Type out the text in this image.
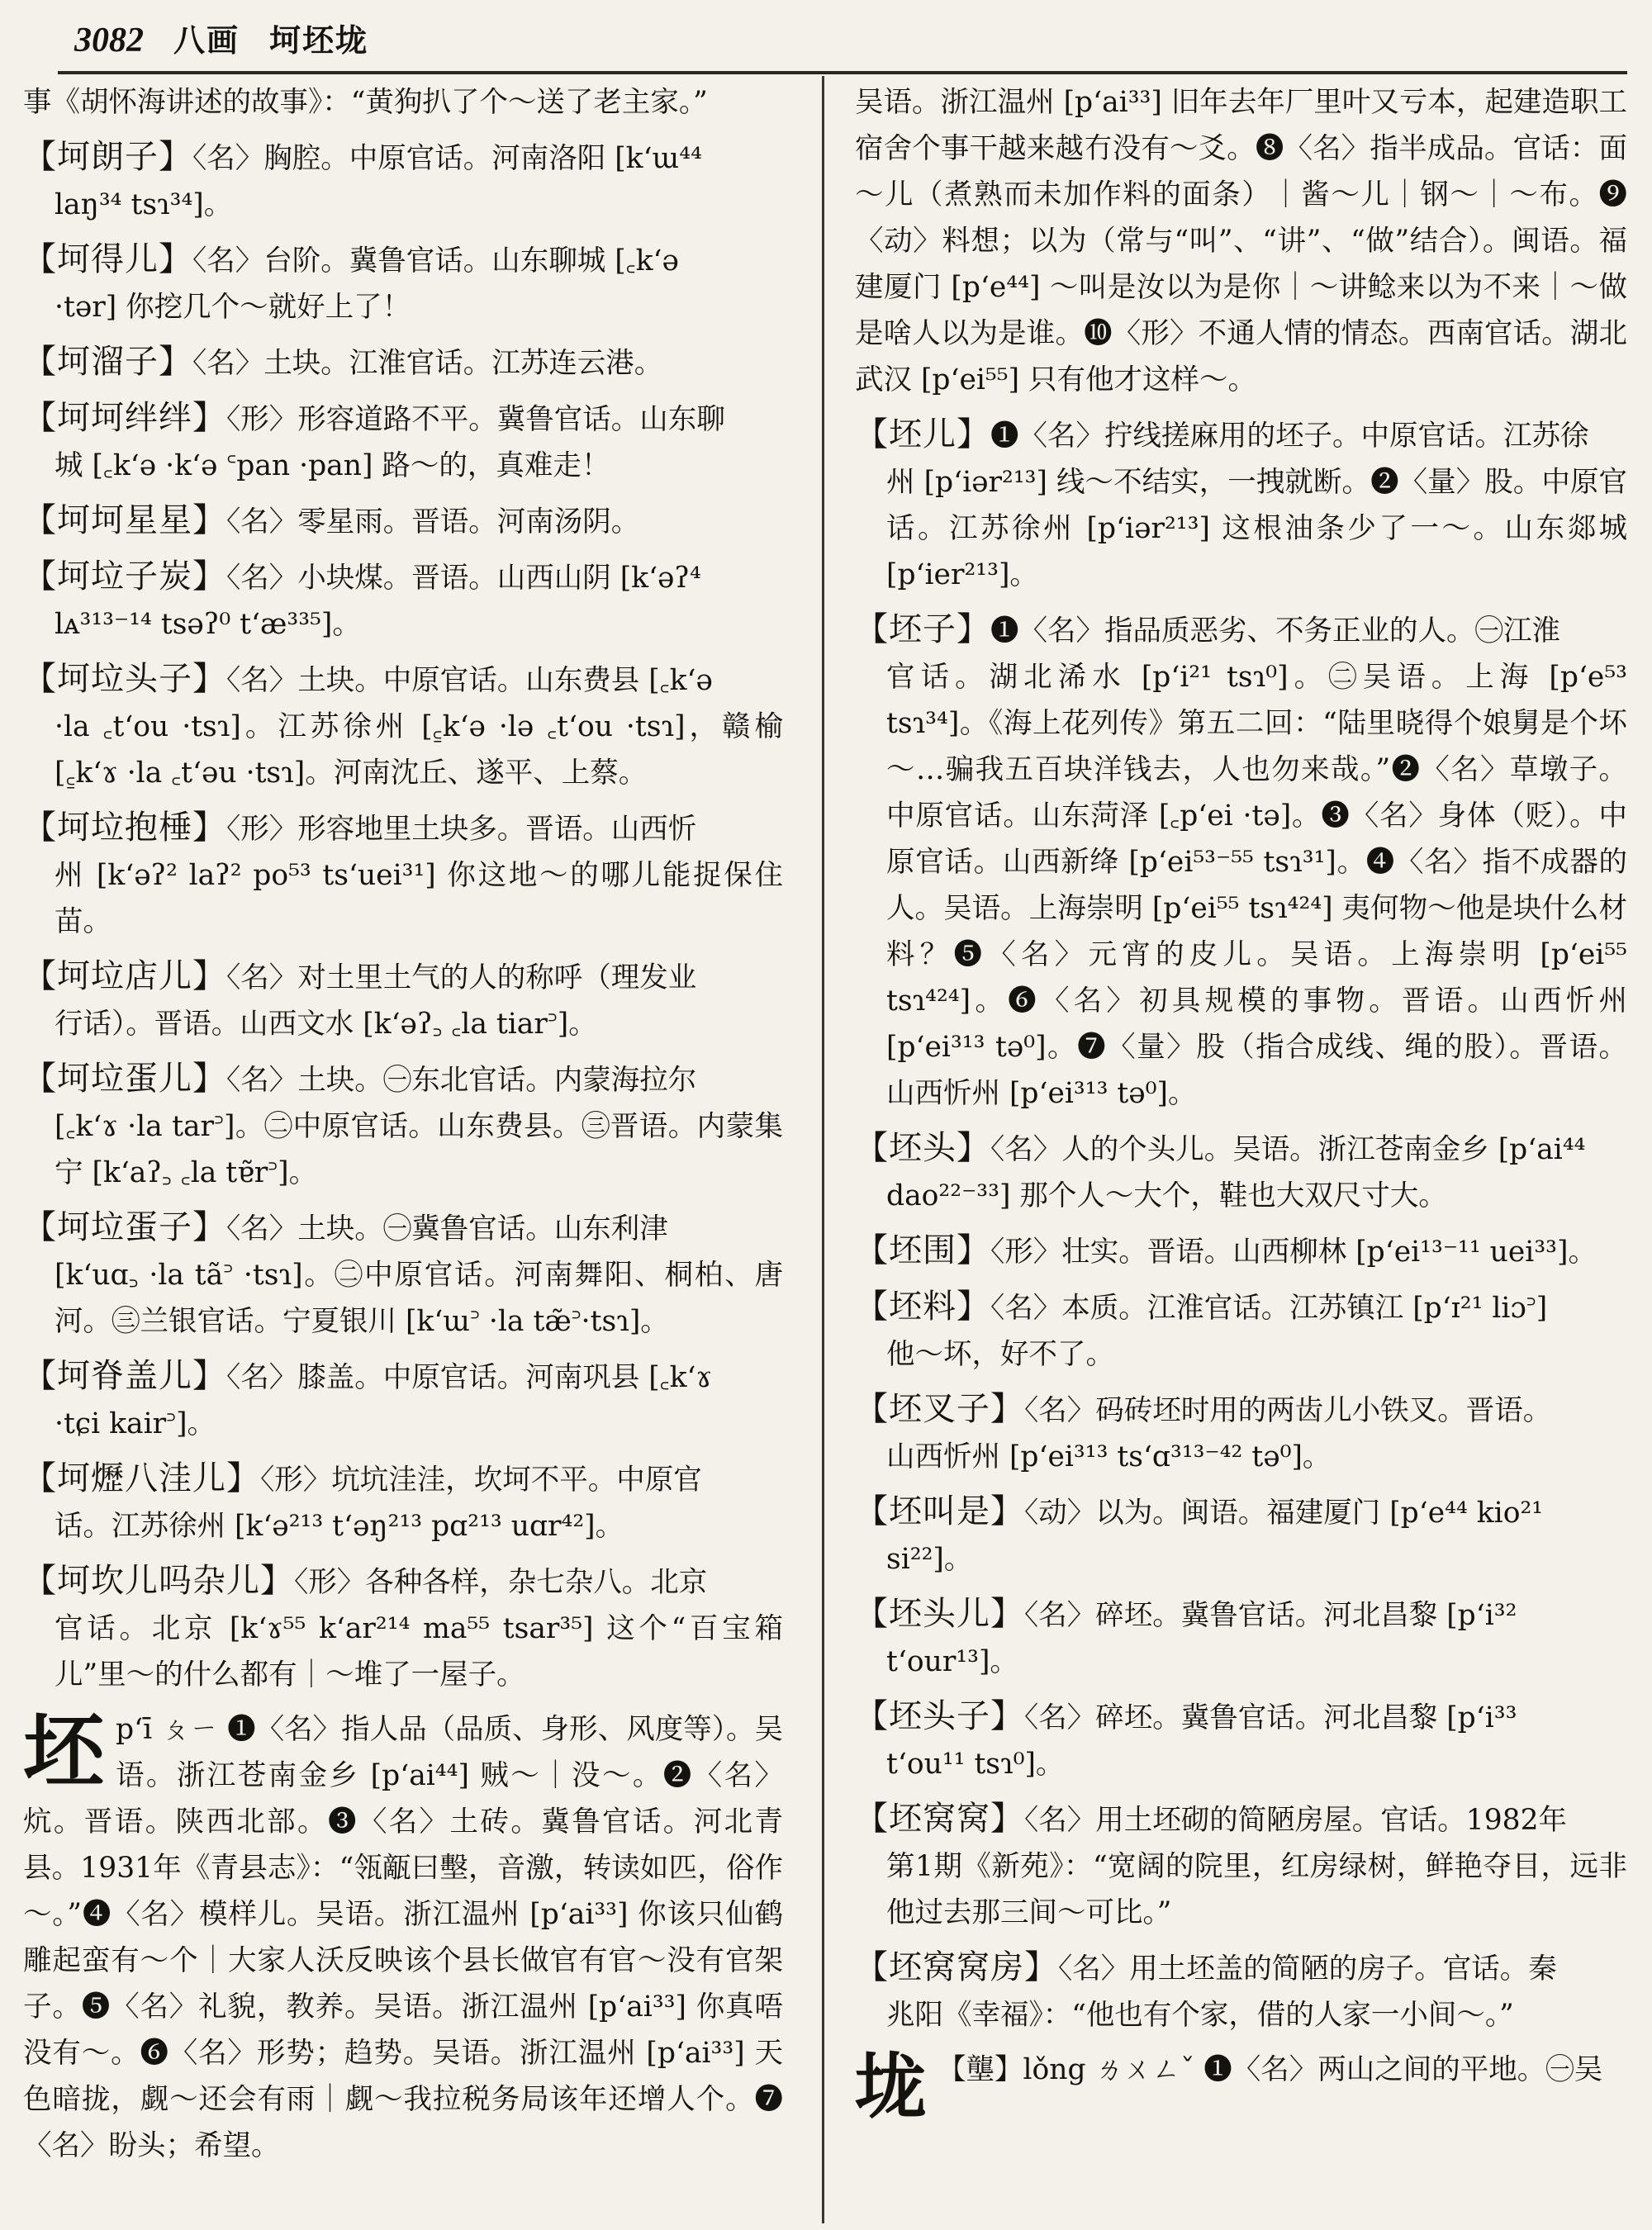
3082 八画 坷坯垅

事《胡怀海讲述的故事》：“黄狗扒了个～送了老主家。”

【坷朗子】〈名〉胸腔。中原官话。河南洛阳 [kʻɯ⁴⁴
laŋ³⁴ tsɿ³⁴]。

【坷得儿】〈名〉台阶。冀鲁官话。山东聊城 [꜀kʻə
·tər] 你挖几个～就好上了！

【坷溜子】〈名〉土块。江淮官话。江苏连云港。

【坷坷绊绊】〈形〉形容道路不平。冀鲁官话。山东聊
城 [꜀kʻə ·kʻə ꜂pan ·pan] 路～的，真难走！

【坷坷星星】〈名〉零星雨。晋语。河南汤阴。

【坷垃子炭】〈名〉小块煤。晋语。山西山阴 [kʻəʔ⁴
lᴀ³¹³⁻¹⁴ tsəʔ⁰ tʻæ³³⁵]。

【坷垃头子】〈名〉土块。中原官话。山东费县 [꜀kʻə
·la ꜀tʻou ·tsɿ]。江苏徐州 [꜁kʻə ·lə ꜀tʻou ·tsɿ]，赣榆 [꜁kʻɤ ·la ꜀tʻəu ·tsɿ]。河南沈丘、遂平、上蔡。

【坷垃抱棰】〈形〉形容地里土块多。晋语。山西忻
州 [kʻəʔ² laʔ² po⁵³ tsʻuei³¹] 你这地～的哪儿能捉保住苗。

【坷垃店儿】〈名〉对土里土气的人的称呼（理发业
行话）。晋语。山西文水 [kʻəʔ꜆ ꜀la tiar꜄]。

【坷垃蛋儿】〈名〉土块。㊀东北官话。内蒙海拉尔
[꜀kʻɤ ·la tar꜄]。㊁中原官话。山东费县。㊂晋语。内蒙集宁 [kʻaʔ꜆ ꜀la tɐ̃r꜄]。

【坷垃蛋子】〈名〉土块。㊀冀鲁官话。山东利津
[kʻuɑ꜆ ·la tã꜄ ·tsɿ]。㊁中原官话。河南舞阳、桐柏、唐河。㊂兰银官话。宁夏银川 [kʻɯ꜄ ·la tæ̃꜄·tsɿ]。

【坷脊盖儿】〈名〉膝盖。中原官话。河南巩县 [꜀kʻɤ
·tɕi kair꜄]。

【坷爏八洼儿】〈形〉坑坑洼洼，坎坷不平。中原官
话。江苏徐州 [kʻə²¹³ tʻəŋ²¹³ pɑ²¹³ uɑr⁴²]。

【坷坎儿吗杂儿】〈形〉各种各样，杂七杂八。北京
官话。北京 [kʻɤ⁵⁵ kʻar²¹⁴ ma⁵⁵ tsar³⁵] 这个“百宝箱儿”里～的什么都有｜～堆了一屋子。

坯pʻī ㄆㄧ ❶〈名〉指人品（品质、身形、风度等）。吴语。浙江苍南金乡 [pʻai⁴⁴] 贼～｜没～。❷〈名〉炕。晋语。陕西北部。❸〈名〉土砖。冀鲁官话。河北青县。1931年《青县志》：“瓴甋曰墼，音激，转读如匹，俗作～。”❹〈名〉模样儿。吴语。浙江温州 [pʻai³³] 你该只仙鹤雕起蛮有～个｜大家人沃反映该个县长做官有官～没有官架子。❺〈名〉礼貌，教养。吴语。浙江温州 [pʻai³³] 你真唔没有～。❻〈名〉形势；趋势。吴语。浙江温州 [pʻai³³] 天色暗拢，觑～还会有雨｜觑～我拉税务局该年还增人个。❼〈名〉盼头；希望。

吴语。浙江温州 [pʻai³³] 旧年去年厂里叶又亏本，起建造职工宿舍个事干越来越冇没有～爻。❽〈名〉指半成品。官话：面～儿（煮熟而未加作料的面条）｜酱～儿｜钢～｜～布。❾〈动〉料想；以为（常与“叫”、“讲”、“做”结合）。闽语。福建厦门 [pʻe⁴⁴] ～叫是汝以为是你｜～讲鲶来以为不来｜～做是啥人以为是谁。❿〈形〉不通人情的情态。西南官话。湖北武汉 [pʻei⁵⁵] 只有他才这样～。

【坯儿】❶〈名〉拧线搓麻用的坯子。中原官话。江苏徐
州 [pʻiər²¹³] 线～不结实，一拽就断。❷〈量〉股。中原官话。江苏徐州 [pʻiər²¹³] 这根油条少了一～。山东郯城 [pʻier²¹³]。

【坯子】❶〈名〉指品质恶劣、不务正业的人。㊀江淮
官话。湖北浠水 [pʻi²¹ tsɿ⁰]。㊁吴语。上海 [pʻe⁵³ tsɿ³⁴]。《海上花列传》第五二回：“陆里晓得个娘舅是个坏～…骗我五百块洋钱去，人也勿来哉。”❷〈名〉草墩子。中原官话。山东菏泽 [꜀pʻei ·tə]。❸〈名〉身体（贬）。中原官话。山西新绛 [pʻei⁵³⁻⁵⁵ tsɿ³¹]。❹〈名〉指不成器的人。吴语。上海崇明 [pʻei⁵⁵ tsɿ⁴²⁴] 夷何物～他是块什么材料？❺〈名〉元宵的皮儿。吴语。上海崇明 [pʻei⁵⁵ tsɿ⁴²⁴]。❻〈名〉初具规模的事物。晋语。山西忻州 [pʻei³¹³ tə⁰]。❼〈量〉股（指合成线、绳的股）。晋语。山西忻州 [pʻei³¹³ tə⁰]。

【坯头】〈名〉人的个头儿。吴语。浙江苍南金乡 [pʻai⁴⁴
dao²²⁻³³] 那个人～大个，鞋也大双尺寸大。

【坯围】〈形〉壮实。晋语。山西柳林 [pʻei¹³⁻¹¹ uei³³]。

【坯料】〈名〉本质。江淮官话。江苏镇江 [pʻɪ²¹ liɔ꜄]
他～坏，好不了。

【坯叉子】〈名〉码砖坯时用的两齿儿小铁叉。晋语。
山西忻州 [pʻei³¹³ tsʻɑ³¹³⁻⁴² tə⁰]。

【坯叫是】〈动〉以为。闽语。福建厦门 [pʻe⁴⁴ kio²¹
si²²]。

【坯头儿】〈名〉碎坯。冀鲁官话。河北昌黎 [pʻi³²
tʻour¹³]。

【坯头子】〈名〉碎坯。冀鲁官话。河北昌黎 [pʻi³³
tʻou¹¹ tsɿ⁰]。

【坯窝窝】〈名〉用土坯砌的简陋房屋。官话。1982年
第1期《新苑》：“宽阔的院里，红房绿树，鲜艳夺目，远非他过去那三间～可比。”

【坯窝窝房】〈名〉用土坯盖的简陋的房子。官话。秦
兆阳《幸福》：“他也有个家，借的人家一小间～。”

垅 【壟】lǒng ㄌㄨㄥˇ ❶〈名〉两山之间的平地。㊀吴
